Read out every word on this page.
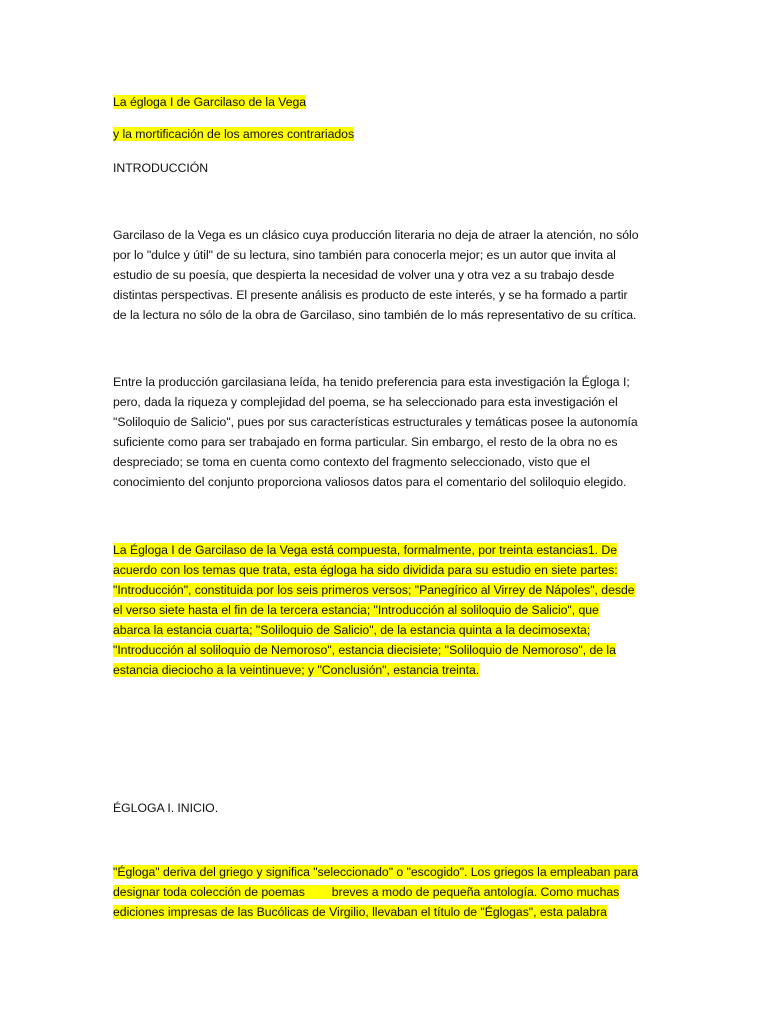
La égloga I de Garcilaso de la Vega
y la mortificación de los amores contrariados
INTRODUCCIÓN
Garcilaso de la Vega es un clásico cuya producción literaria no deja de atraer la atención, no sólo
por lo "dulce y útil" de su lectura, sino también para conocerla mejor; es un autor que invita al
estudio de su poesía, que despierta la necesidad de volver una y otra vez a su trabajo desde
distintas perspectivas. El presente análisis es producto de este interés, y se ha formado a partir
de la lectura no sólo de la obra de Garcilaso, sino también de lo más representativo de su crítica.
Entre la producción garcilasiana leída, ha tenido preferencia para esta investigación la Égloga I;
pero, dada la riqueza y complejidad del poema, se ha seleccionado para esta investigación el
"Soliloquio de Salicio", pues por sus características estructurales y temáticas posee la autonomía
suficiente como para ser trabajado en forma particular. Sin embargo, el resto de la obra no es
despreciado; se toma en cuenta como contexto del fragmento seleccionado, visto que el
conocimiento del conjunto proporciona valiosos datos para el comentario del soliloquio elegido.
La Égloga I de Garcilaso de la Vega está compuesta, formalmente, por treinta estancias1. De
acuerdo con los temas que trata, esta égloga ha sido dividida para su estudio en siete partes:
"Introducción", constituida por los seis primeros versos; "Panegírico al Virrey de Nápoles", desde
el verso siete hasta el fin de la tercera estancia; "Introducción al soliloquio de Salicio", que
abarca la estancia cuarta; "Soliloquio de Salicio", de la estancia quinta a la decimosexta;
"Introducción al soliloquio de Nemoroso", estancia diecisiete; "Soliloquio de Nemoroso", de la
estancia dieciocho a la veintinueve; y "Conclusión", estancia treinta.
ÉGLOGA I. INICIO.
"Égloga" deriva del griego y significa "seleccionado" o "escogido". Los griegos la empleaban para
designar toda colección de poemas        breves a modo de pequeña antología. Como muchas
ediciones impresas de las Bucólicas de Virgilio, llevaban el título de "Églogas", esta palabra
